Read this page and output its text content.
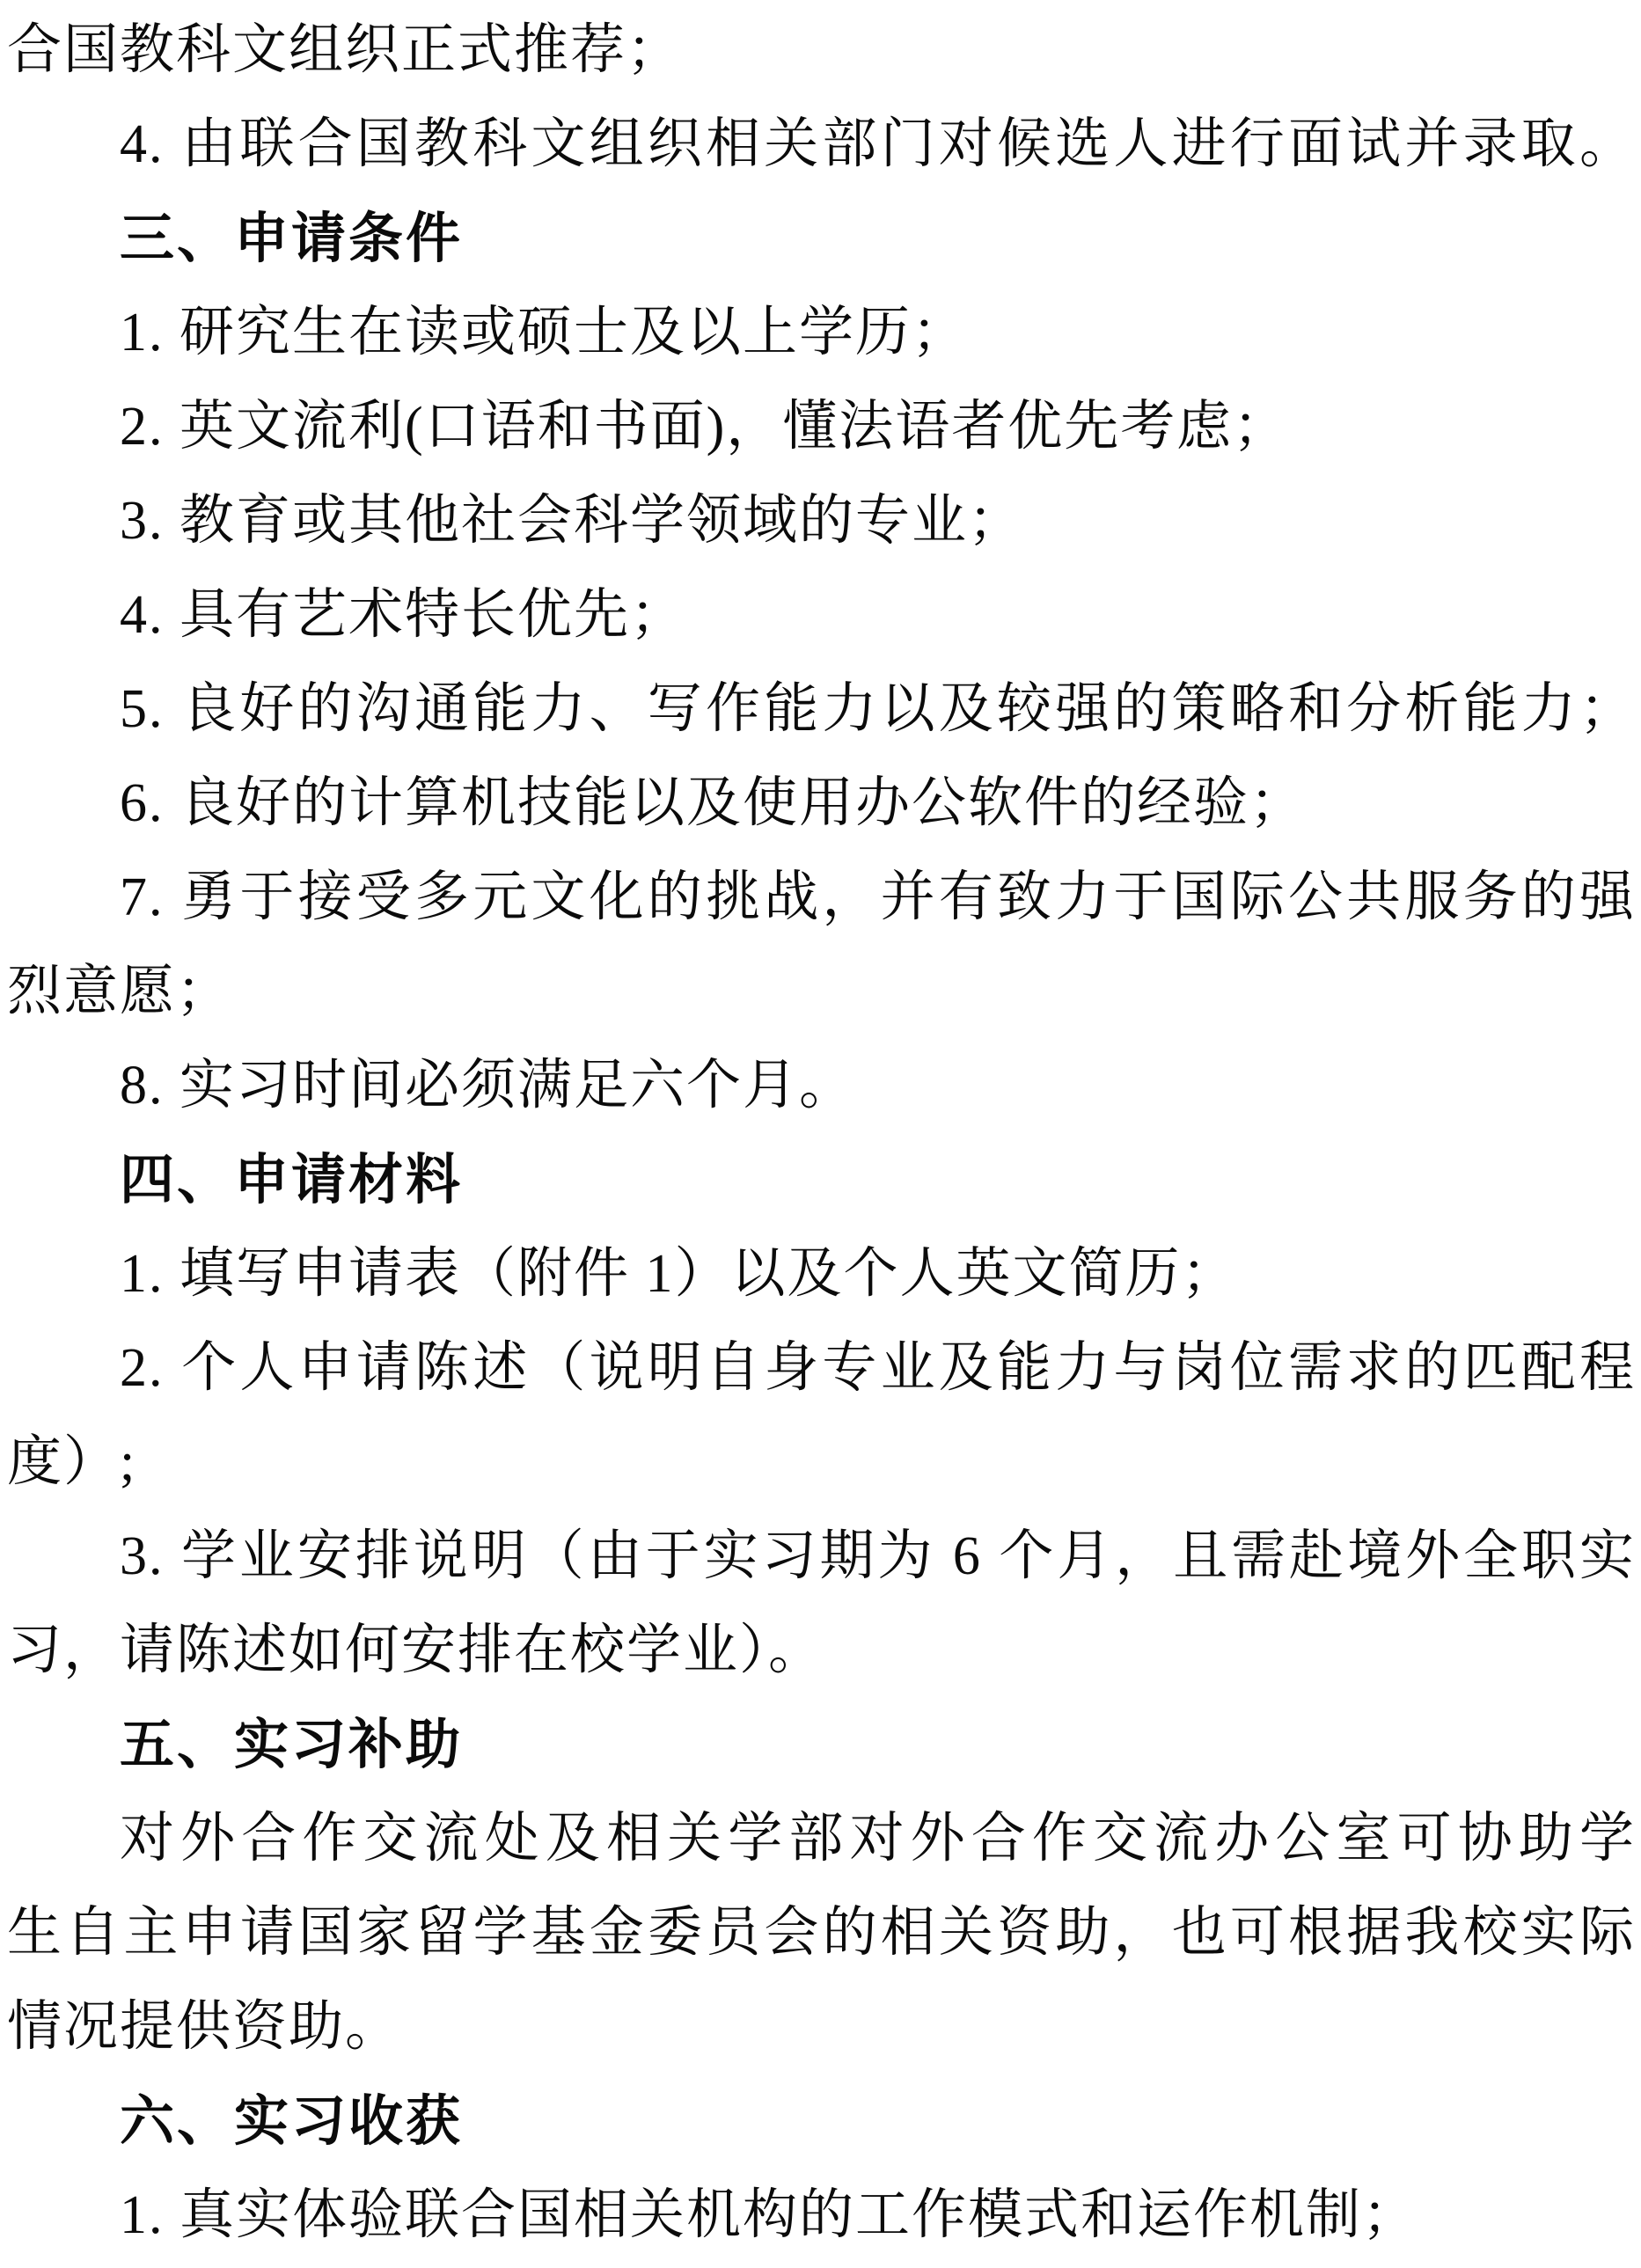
合国教科文组织正式推荐；
4. 由联合国教科文组织相关部门对候选人进行面试并录取。
三、申请条件
1. 研究生在读或硕士及以上学历；
2. 英文流利(口语和书面)，懂法语者优先考虑；
3. 教育或其他社会科学领域的专业；
4. 具有艺术特长优先；
5. 良好的沟通能力、写作能力以及较强的策略和分析能力；
6. 良好的计算机技能以及使用办公软件的经验；
7. 勇于接受多元文化的挑战，并有致力于国际公共服务的强
烈意愿；
8. 实习时间必须满足六个月。
四、申请材料
1. 填写申请表（附件 1）以及个人英文简历；
2. 个人申请陈述（说明自身专业及能力与岗位需求的匹配程
度）;
3. 学业安排说明（由于实习期为 6 个月，且需赴境外全职实
习，请陈述如何安排在校学业）。
五、实习补助
对外合作交流处及相关学部对外合作交流办公室可协助学
生自主申请国家留学基金委员会的相关资助，也可根据我校实际
情况提供资助。
六、实习收获
1. 真实体验联合国相关机构的工作模式和运作机制；
